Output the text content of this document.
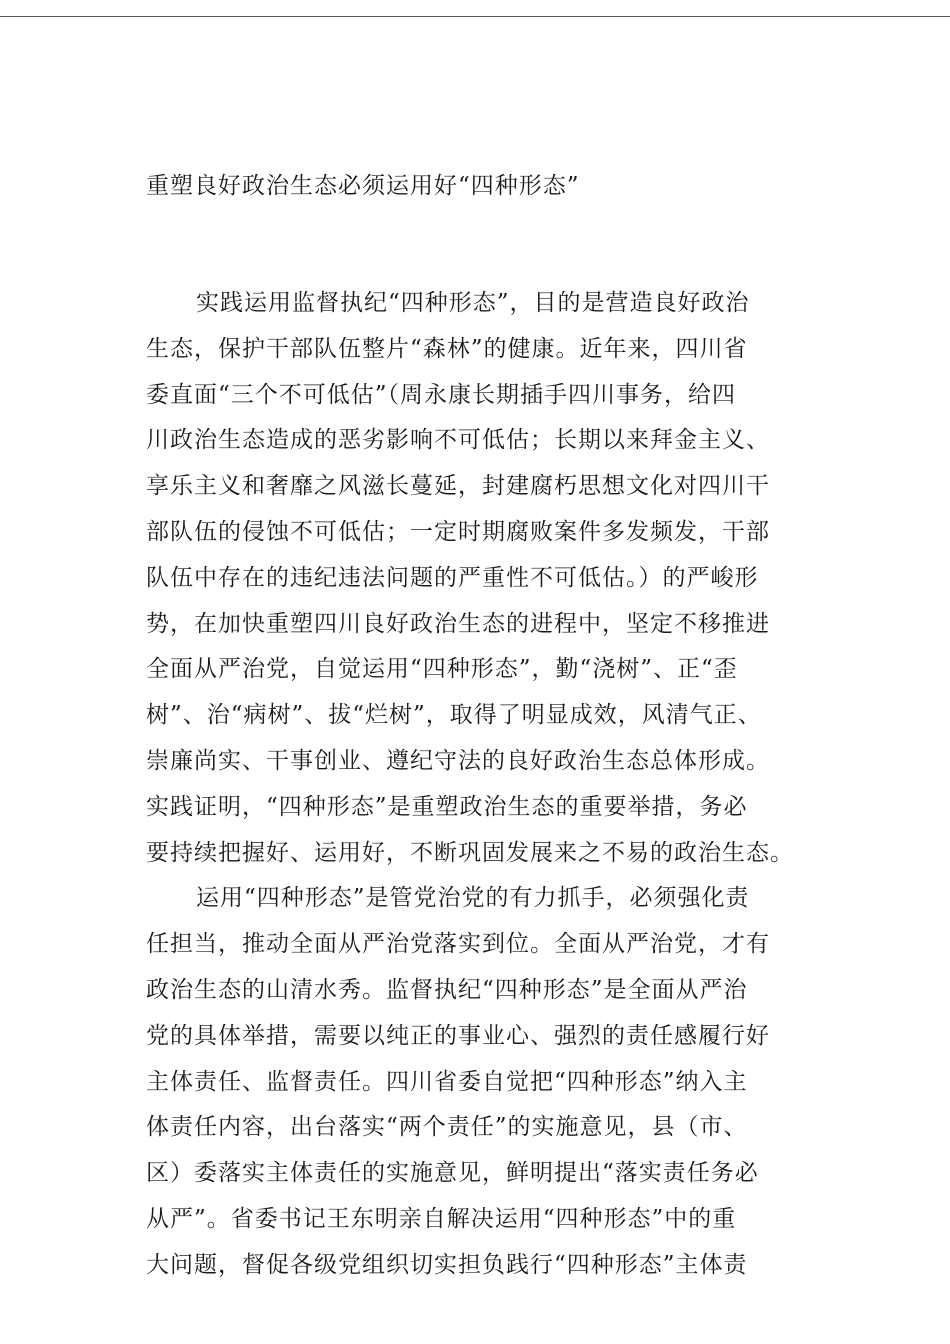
重塑良好政治生态必须运用好“四种形态”
实践运用监督执纪“四种形态”，目的是营造良好政治
生态，保护干部队伍整片“森林”的健康。近年来，四川省
委直面“三个不可低估”（周永康长期插手四川事务，给四
川政治生态造成的恶劣影响不可低估；长期以来拜金主义、
享乐主义和奢靡之风滋长蔓延，封建腐朽思想文化对四川干
部队伍的侵蚀不可低估；一定时期腐败案件多发频发，干部
队伍中存在的违纪违法问题的严重性不可低估。）的严峻形
势，在加快重塑四川良好政治生态的进程中，坚定不移推进
全面从严治党，自觉运用“四种形态”，勤“浇树”、正“歪
树”、治“病树”、拔“烂树”，取得了明显成效，风清气正、
崇廉尚实、干事创业、遵纪守法的良好政治生态总体形成。
实践证明，“四种形态”是重塑政治生态的重要举措，务必
要持续把握好、运用好，不断巩固发展来之不易的政治生态。
运用“四种形态”是管党治党的有力抓手，必须强化责
任担当，推动全面从严治党落实到位。全面从严治党，才有
政治生态的山清水秀。监督执纪“四种形态”是全面从严治
党的具体举措，需要以纯正的事业心、强烈的责任感履行好
主体责任、监督责任。四川省委自觉把“四种形态”纳入主
体责任内容，出台落实“两个责任”的实施意见，县（市、
区）委落实主体责任的实施意见，鲜明提出“落实责任务必
从严”。省委书记王东明亲自解决运用“四种形态”中的重
大问题，督促各级党组织切实担负践行“四种形态”主体责
